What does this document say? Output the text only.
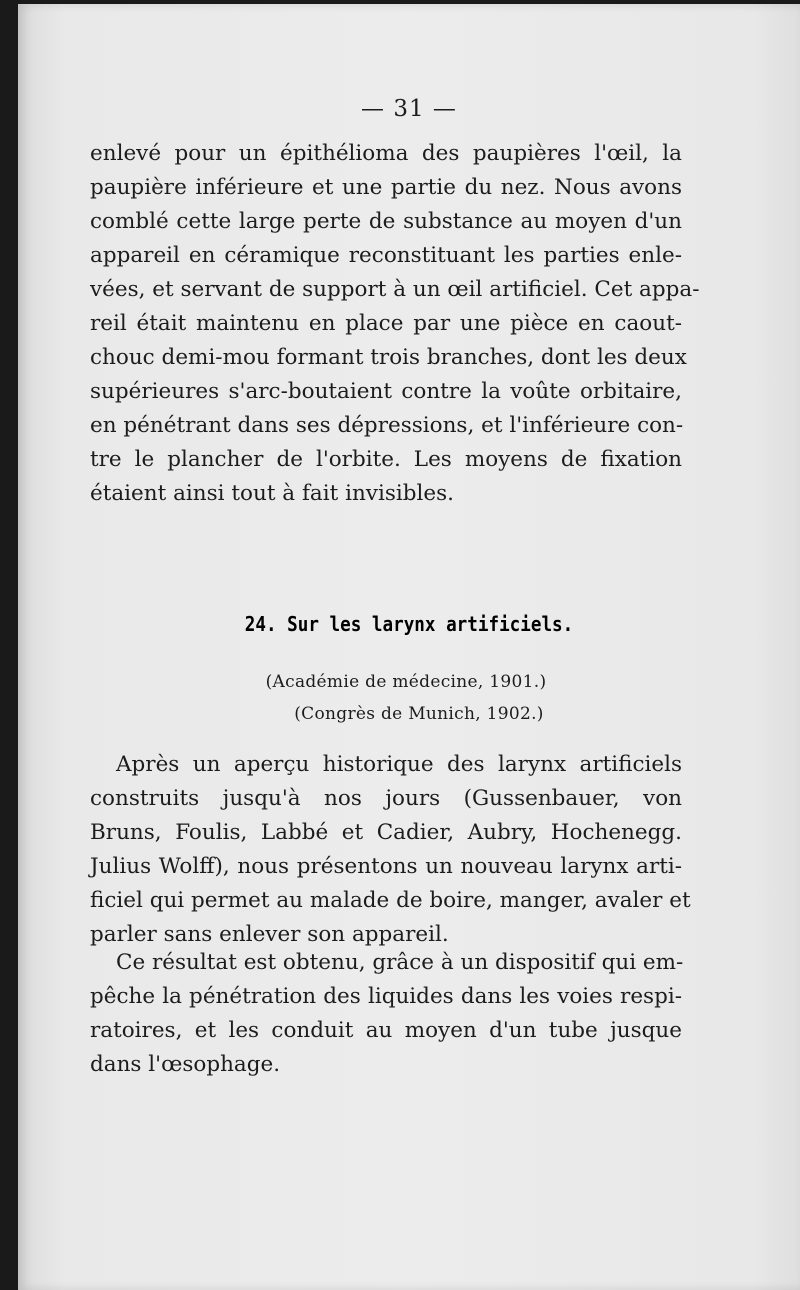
— 31 —
enlevé pour un épithélioma des paupières l'œil, la
paupière inférieure et une partie du nez. Nous avons
comblé cette large perte de substance au moyen d'un
appareil en céramique reconstituant les parties enle-
vées, et servant de support à un œil artificiel. Cet appa-
reil était maintenu en place par une pièce en caout-
chouc demi-mou formant trois branches, dont les deux
supérieures s'arc-boutaient contre la voûte orbitaire,
en pénétrant dans ses dépressions, et l'inférieure con-
tre le plancher de l'orbite. Les moyens de fixation
étaient ainsi tout à fait invisibles.
24. Sur les larynx artificiels.
(Académie de médecine, 1901.)
(Congrès de Munich, 1902.)
Après un aperçu historique des larynx artificiels
construits jusqu'à nos jours (Gussenbauer, von
Bruns, Foulis, Labbé et Cadier, Aubry, Hochenegg.
Julius Wolff), nous présentons un nouveau larynx arti-
ficiel qui permet au malade de boire, manger, avaler et
parler sans enlever son appareil.
Ce résultat est obtenu, grâce à un dispositif qui em-
pêche la pénétration des liquides dans les voies respi-
ratoires, et les conduit au moyen d'un tube jusque
dans l'œsophage.
